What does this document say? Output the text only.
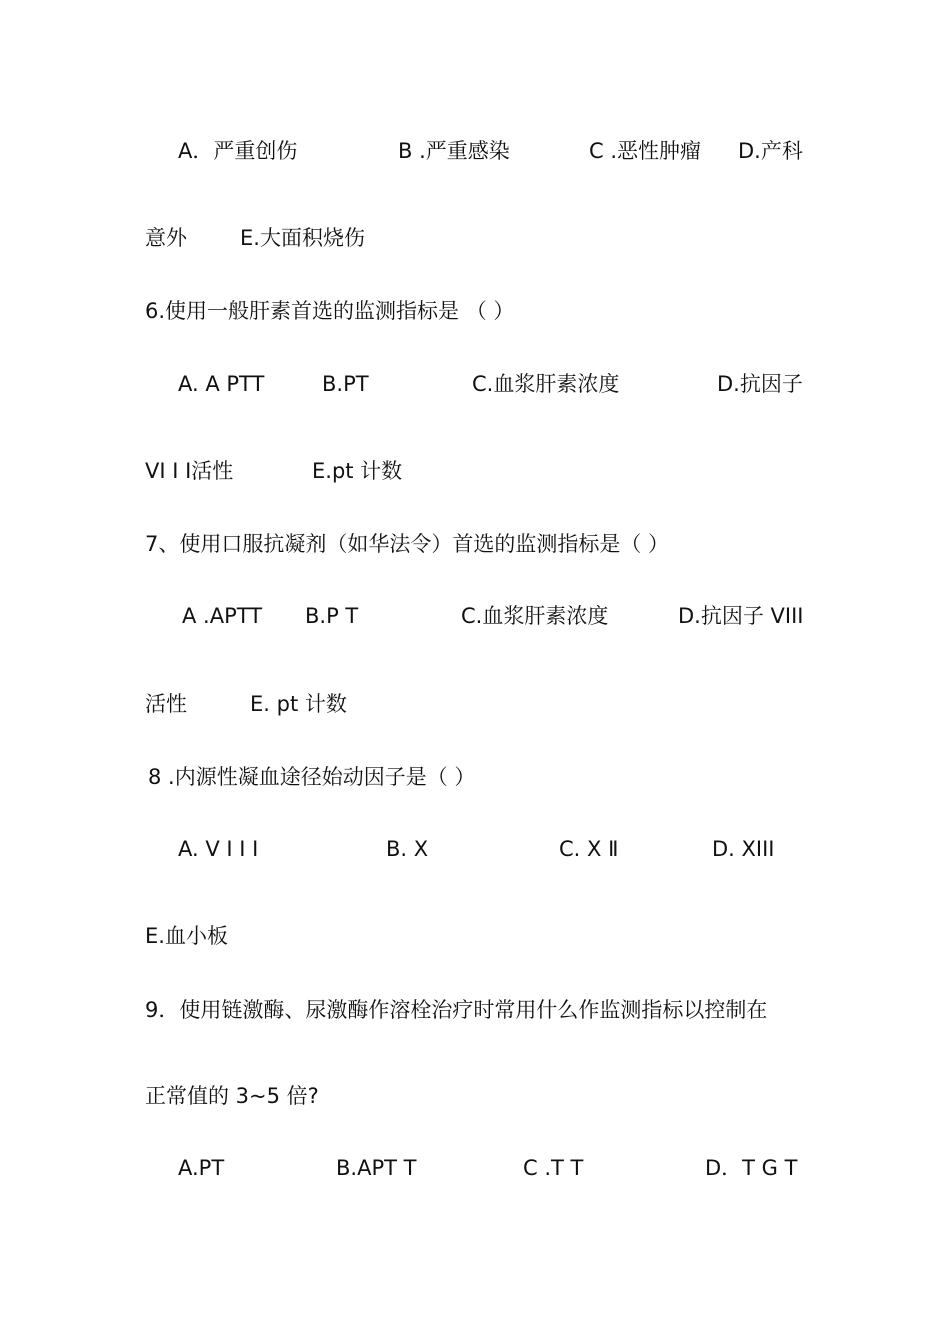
A．严重创伤	B .严重感染	C .恶性肿瘤 D.产科
意外	E.大面积烧伤
6.使用一般肝素首选的监测指标是 （ ）
A. A PTT	B.PT	C.血浆肝素浓度	D.抗因子
VI I I活性	E.pt 计数
7、使用口服抗凝剂（如华法令）首选的监测指标是（ ）
A .APTT B.P T	C.血浆肝素浓度	D.抗因子 VIII
活性	E. pt 计数
8 .内源性凝血途径始动因子是（ ）
A. V I I I	B. X	C. X Ⅱ	D. XIII
E.血小板
9．使用链激酶、尿激酶作溶栓治疗时常用什么作监测指标以控制在
正常值的 3~5 倍?
A.PT	B.APT T	C .T T	D．T G T
